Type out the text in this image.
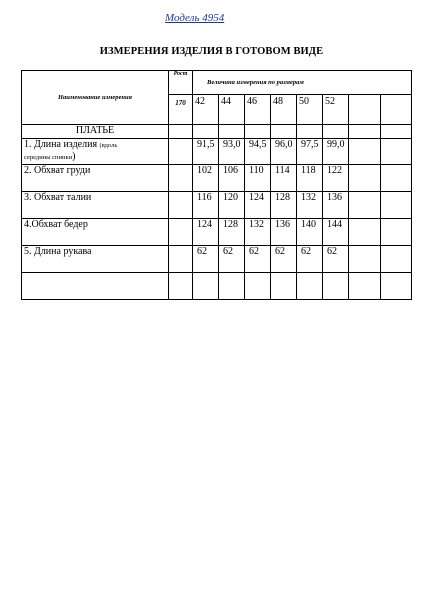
Модель 4954
ИЗМЕРЕНИЯ ИЗДЕЛИЯ В ГОТОВОМ ВИДЕ
Наименование измерения	Рост	Величина измерения по размерам							
	170	42	44	46	48	50	52		
ПЛАТЬЕ									
1. Длина изделия (вдоль
середины спинки)		91,5	93,0	94,5	96,0	97,5	99,0		
2. Обхват груди		102	106	110	114	118	122		
3. Обхват талии		116	120	124	128	132	136		
4.Обхват бедер		124	128	132	136	140	144		
5. Длина рукава		62	62	62	62	62	62		
